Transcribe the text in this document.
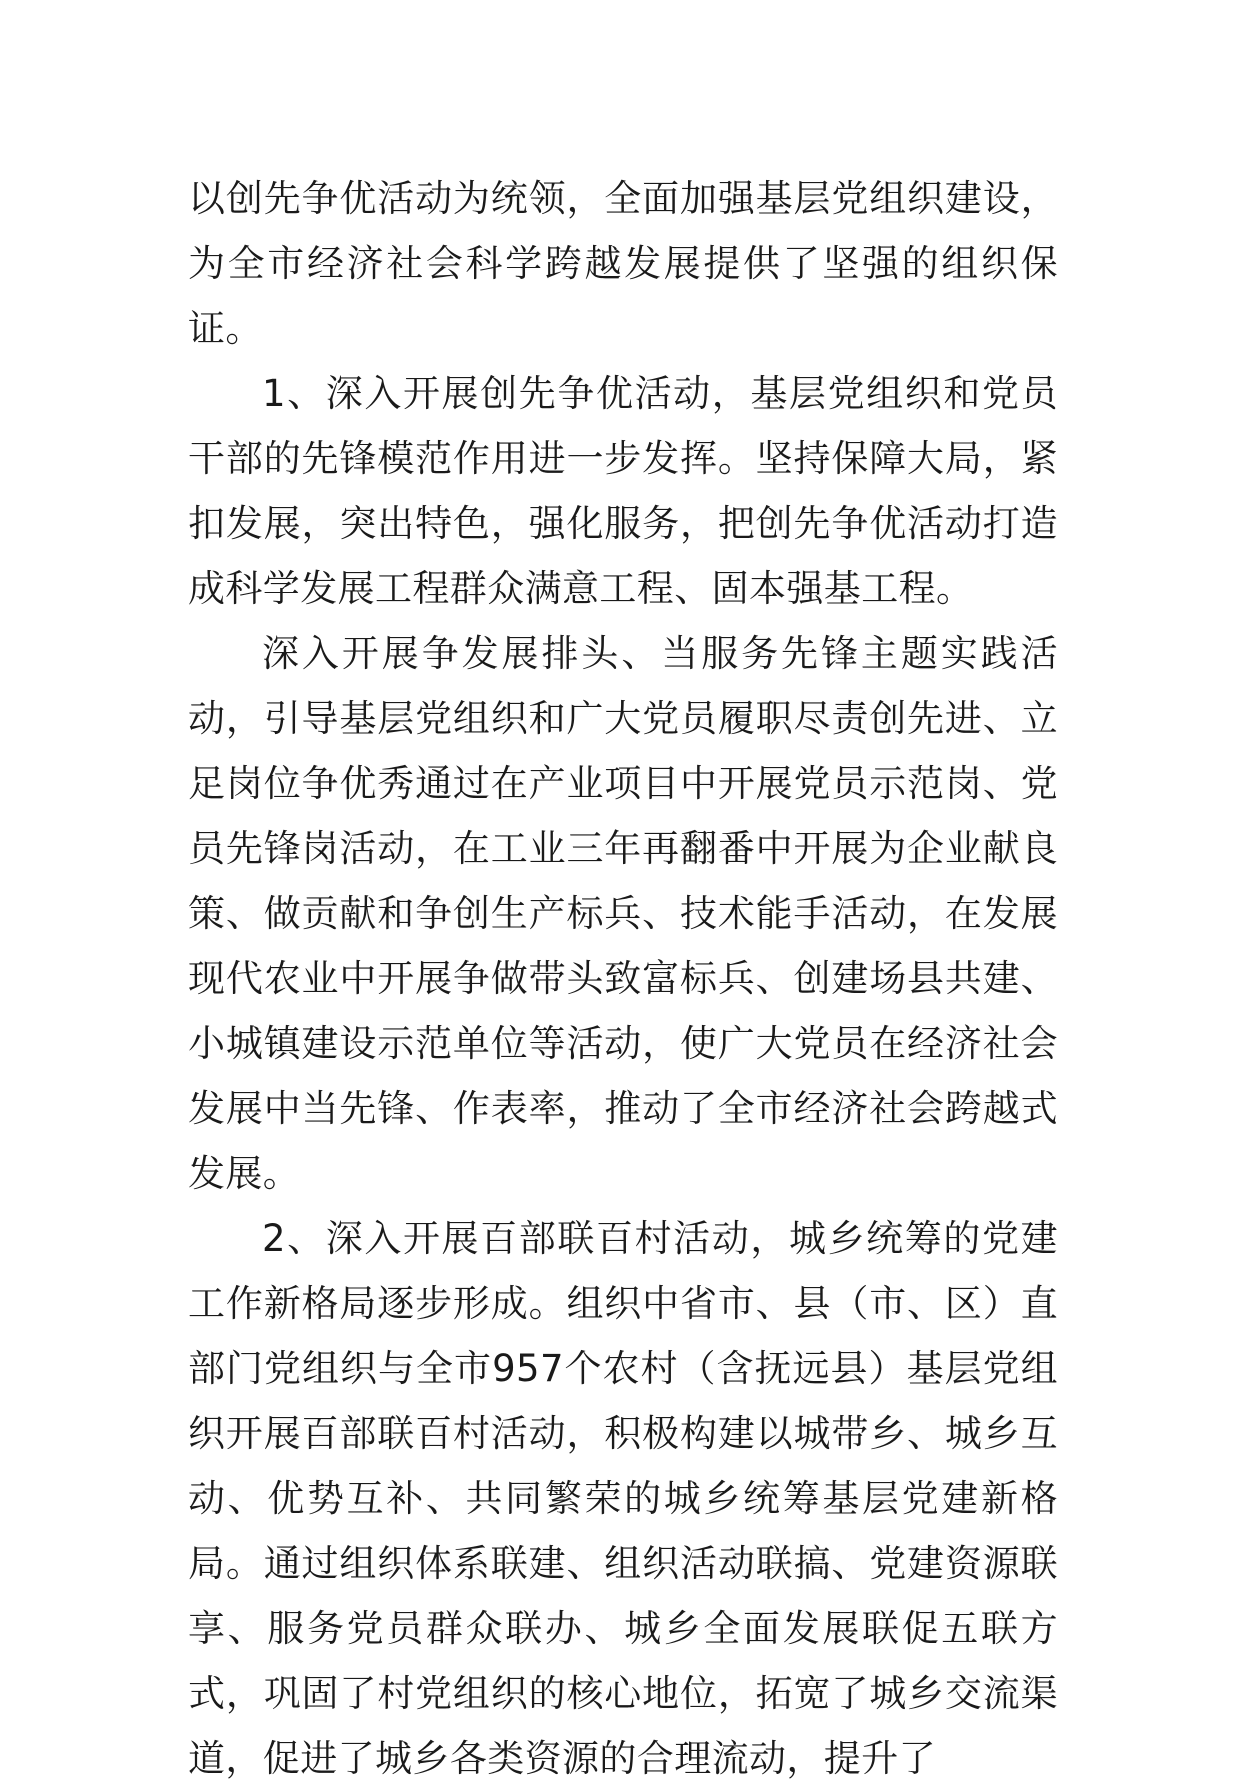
以创先争优活动为统领，全面加强基层党组织建设，为全市经济社会科学跨越发展提供了坚强的组织保证。

1、深入开展创先争优活动，基层党组织和党员干部的先锋模范作用进一步发挥。坚持保障大局，紧扣发展，突出特色，强化服务，把创先争优活动打造成科学发展工程群众满意工程、固本强基工程。

深入开展争发展排头、当服务先锋主题实践活动，引导基层党组织和广大党员履职尽责创先进、立足岗位争优秀通过在产业项目中开展党员示范岗、党员先锋岗活动，在工业三年再翻番中开展为企业献良策、做贡献和争创生产标兵、技术能手活动，在发展现代农业中开展争做带头致富标兵、创建场县共建、小城镇建设示范单位等活动，使广大党员在经济社会发展中当先锋、作表率，推动了全市经济社会跨越式发展。

2、深入开展百部联百村活动，城乡统筹的党建工作新格局逐步形成。组织中省市、县（市、区）直部门党组织与全市957个农村（含抚远县）基层党组织开展百部联百村活动，积极构建以城带乡、城乡互动、优势互补、共同繁荣的城乡统筹基层党建新格局。通过组织体系联建、组织活动联搞、党建资源联享、服务党员群众联办、城乡全面发展联促五联方式，巩固了村党组织的核心地位，拓宽了城乡交流渠道，促进了城乡各类资源的合理流动，提升了
